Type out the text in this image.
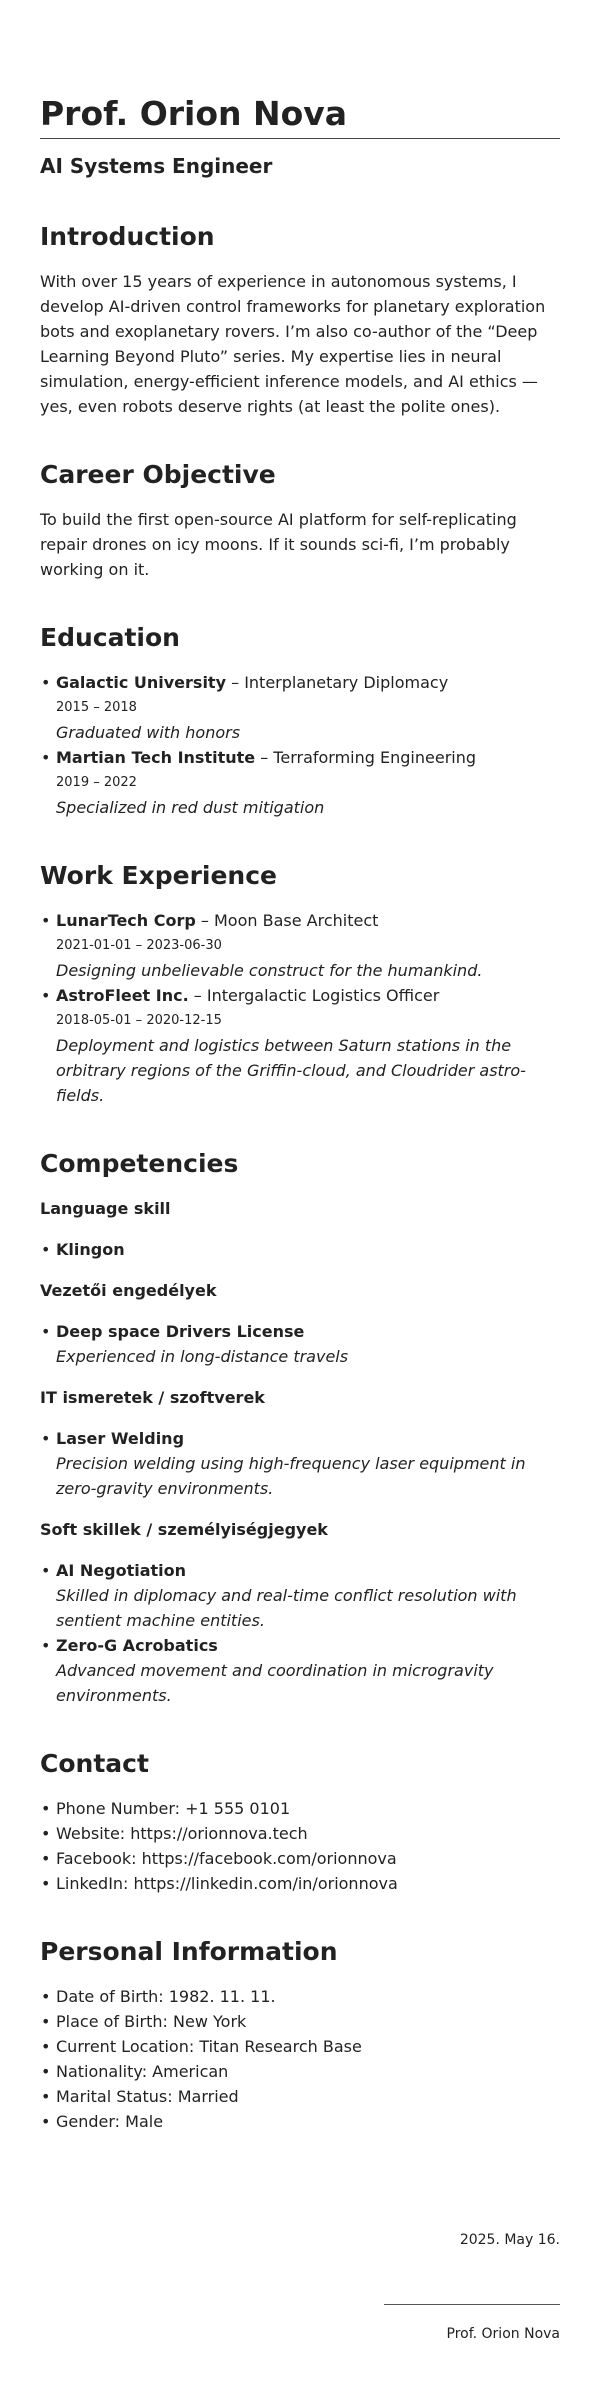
Prof. Orion Nova
AI Systems Engineer
Introduction

With over 15 years of experience in autonomous systems, I develop AI-driven control frameworks for planetary exploration bots and exoplanetary rovers. I’m also co-author of the “Deep Learning Beyond Pluto” series. My expertise lies in neural simulation, energy-efficient inference models, and AI ethics — yes, even robots deserve rights (at least the polite ones).

Career Objective

To build the first open-source AI platform for self-replicating repair drones on icy moons. If it sounds sci-fi, I’m probably working on it.

Education
• Galactic University – Interplanetary Diplomacy
2015 – 2018
Graduated with honors
• Martian Tech Institute – Terraforming Engineering
2019 – 2022
Specialized in red dust mitigation
Work Experience
• LunarTech Corp – Moon Base Architect
2021-01-01 – 2023-06-30
Designing unbelievable construct for the humankind.
• AstroFleet Inc. – Intergalactic Logistics Officer
2018-05-01 – 2020-12-15
Deployment and logistics between Saturn stations in the orbitrary regions of the Griffin-cloud, and Cloudrider astro-fields.
Competencies
Language skill
• Klingon
Vezetői engedélyek
• Deep space Drivers License
Experienced in long-distance travels
IT ismeretek / szoftverek
• Laser Welding
Precision welding using high-frequency laser equipment in zero-gravity environments.
Soft skillek / személyiségjegyek
• AI Negotiation
Skilled in diplomacy and real-time conflict resolution with sentient machine entities.
• Zero-G Acrobatics
Advanced movement and coordination in microgravity environments.
Contact
• Phone Number: +1 555 0101
• Website: https://orionnova.tech
• Facebook: https://facebook.com/orionnova
• LinkedIn: https://linkedin.com/in/orionnova
Personal Information
• Date of Birth: 1982. 11. 11.
• Place of Birth: New York
• Current Location: Titan Research Base
• Nationality: American
• Marital Status: Married
• Gender: Male
2025. May 16.
Prof. Orion Nova
